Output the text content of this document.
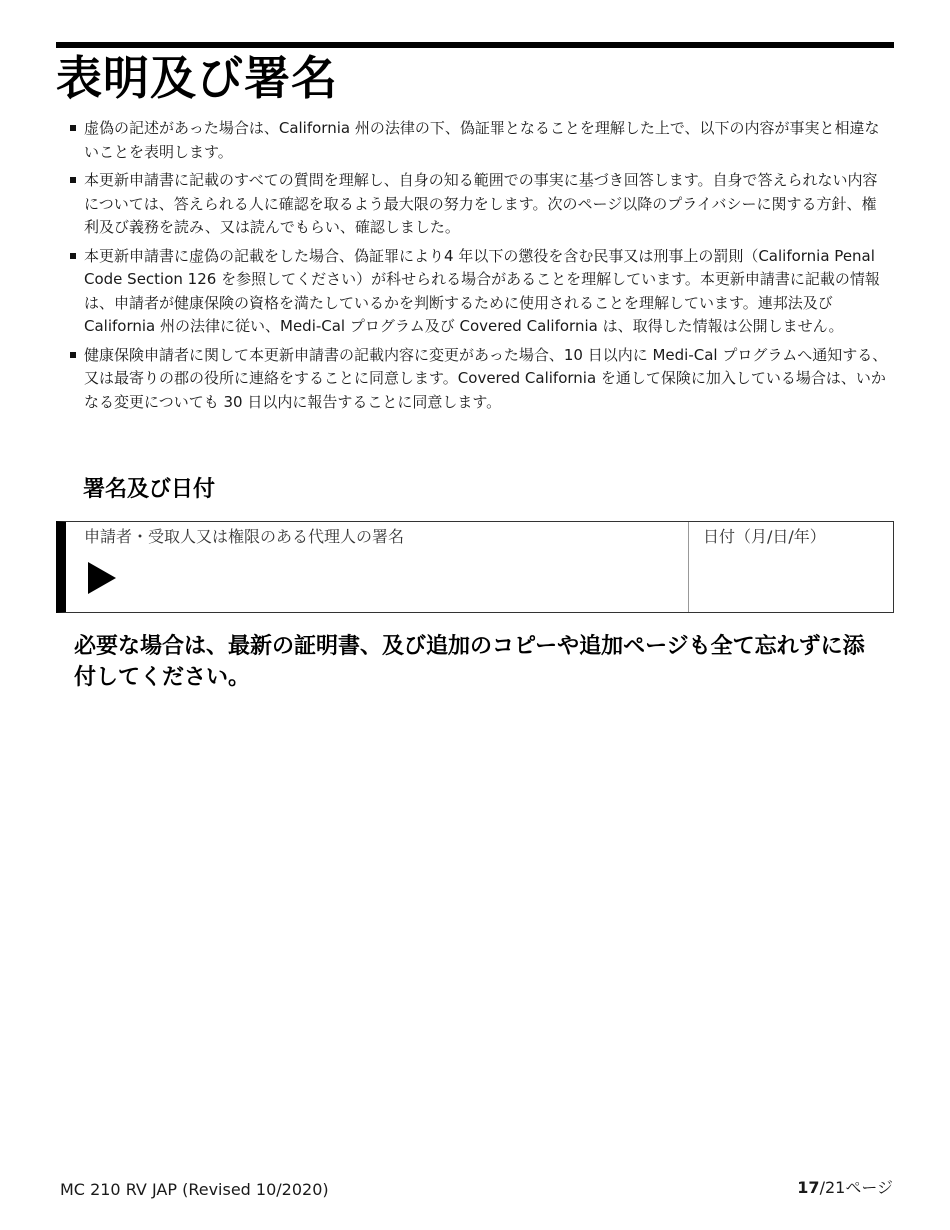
表明及び署名
虚偽の記述があった場合は、California 州の法律の下、偽証罪となることを理解した上で、以下の内容が事実と相違ないことを表明します。
本更新申請書に記載のすべての質問を理解し、自身の知る範囲での事実に基づき回答します。自身で答えられない内容については、答えられる人に確認を取るよう最大限の努力をします。次のページ以降のプライバシーに関する方針、権利及び義務を読み、又は読んでもらい、確認しました。
本更新申請書に虚偽の記載をした場合、偽証罪により4 年以下の懲役を含む民事又は刑事上の罰則（California Penal Code Section 126 を参照してください）が科せられる場合があることを理解しています。本更新申請書に記載の情報は、申請者が健康保険の資格を満たしているかを判断するために使用されることを理解しています。連邦法及び California 州の法律に従い、Medi-Cal プログラム及び Covered California は、取得した情報は公開しません。
健康保険申請者に関して本更新申請書の記載内容に変更があった場合、10 日以内に Medi-Cal プログラムへ通知する、又は最寄りの郡の役所に連絡をすることに同意します。Covered California を通して保険に加入している場合は、いかなる変更についても 30 日以内に報告することに同意します。
署名及び日付
申請者・受取人又は権限のある代理人の署名	日付（月/日/年）

必要な場合は、最新の証明書、及び追加のコピーや追加ページも全て忘れずに添付してください。

MC 210 RV JAP (Revised 10/2020)	17/21ページ
